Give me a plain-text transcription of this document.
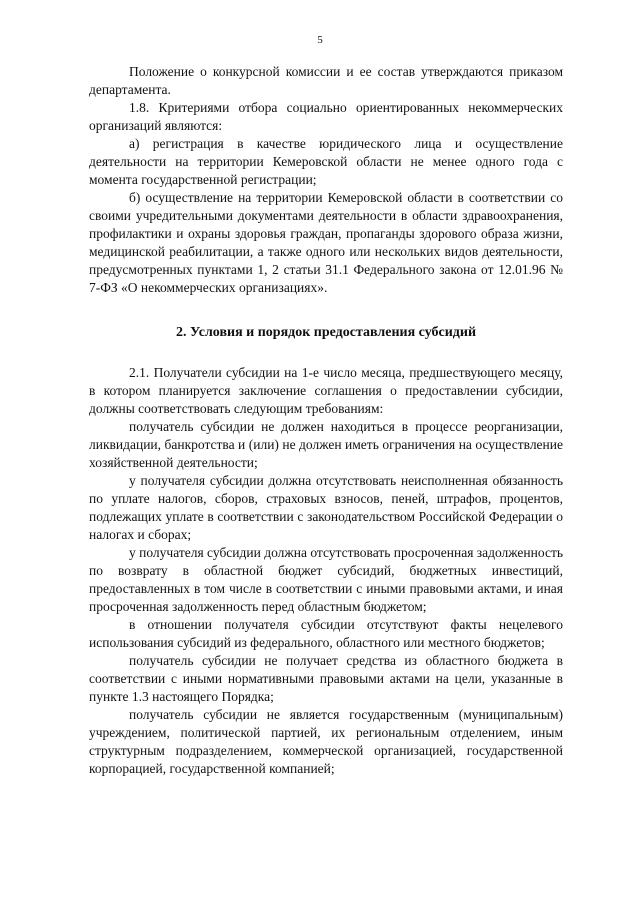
5

Положение о конкурсной комиссии и ее состав утверждаются приказом департамента.

1.8. Критериями отбора социально ориентированных некоммерческих организаций являются:

а) регистрация в качестве юридического лица и осуществление деятельности на территории Кемеровской области не менее одного года с момента государственной регистрации;

б) осуществление на территории Кемеровской области в соответствии со своими учредительными документами деятельности в области здравоохранения, профилактики и охраны здоровья граждан, пропаганды здорового образа жизни, медицинской реабилитации, а также одного или нескольких видов деятельности, предусмотренных пунктами 1, 2 статьи 31.1 Федерального закона от 12.01.96 № 7-ФЗ «О некоммерческих организациях».

2. Условия и порядок предоставления субсидий

2.1. Получатели субсидии на 1-е число месяца, предшествующего месяцу, в котором планируется заключение соглашения о предоставлении субсидии, должны соответствовать следующим требованиям:

получатель субсидии не должен находиться в процессе реорганизации, ликвидации, банкротства и (или) не должен иметь ограничения на осуществление хозяйственной деятельности;

у получателя субсидии должна отсутствовать неисполненная обязанность по уплате налогов, сборов, страховых взносов, пеней, штрафов, процентов, подлежащих уплате в соответствии с законодательством Российской Федерации о налогах и сборах;

у получателя субсидии должна отсутствовать просроченная задолженность по возврату в областной бюджет субсидий, бюджетных инвестиций, предоставленных в том числе в соответствии с иными правовыми актами, и иная просроченная задолженность перед областным бюджетом;

в отношении получателя субсидии отсутствуют факты нецелевого использования субсидий из федерального, областного или местного бюджетов;

получатель субсидии не получает средства из областного бюджета в соответствии с иными нормативными правовыми актами на цели, указанные в пункте 1.3 настоящего Порядка;

получатель субсидии не является государственным (муниципальным) учреждением, политической партией, их региональным отделением, иным структурным подразделением, коммерческой организацией, государственной корпорацией, государственной компанией;
